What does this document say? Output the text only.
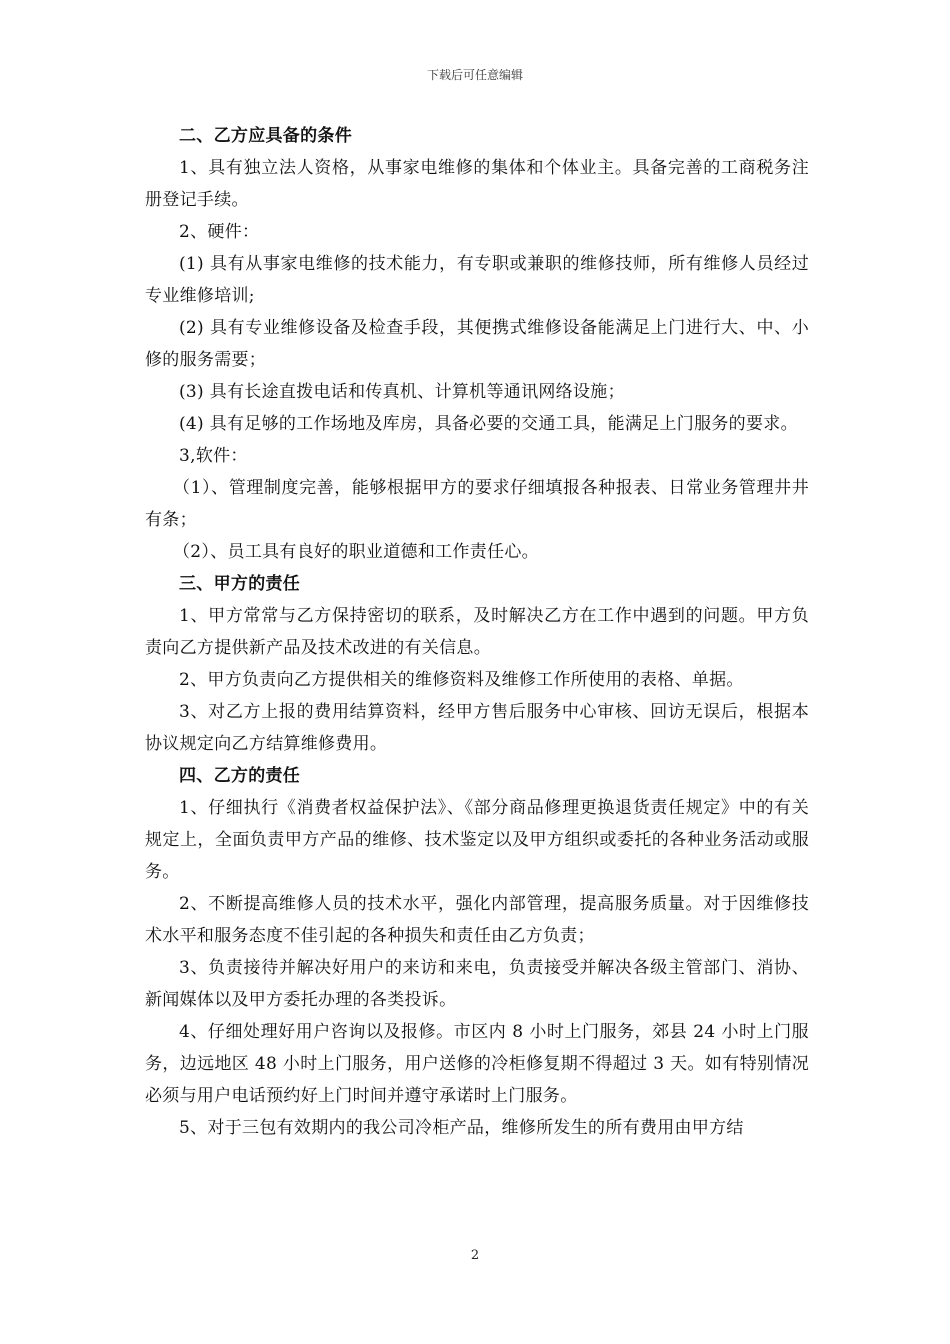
下载后可任意编辑

二、乙方应具备的条件

1、具有独立法人资格，从事家电维修的集体和个体业主。具备完善的工商税务注册登记手续。

2、硬件：

(1) 具有从事家电维修的技术能力，有专职或兼职的维修技师，所有维修人员经过专业维修培训;

(2) 具有专业维修设备及检查手段，其便携式维修设备能满足上门进行大、中、小修的服务需要；

(3) 具有长途直拨电话和传真机、计算机等通讯网络设施；

(4) 具有足够的工作场地及库房，具备必要的交通工具，能满足上门服务的要求。

3,软件：

（1）、管理制度完善，能够根据甲方的要求仔细填报各种报表、日常业务管理井井有条；

（2）、员工具有良好的职业道德和工作责任心。

三、甲方的责任

1、甲方常常与乙方保持密切的联系，及时解决乙方在工作中遇到的问题。甲方负责向乙方提供新产品及技术改进的有关信息。

2、甲方负责向乙方提供相关的维修资料及维修工作所使用的表格、单据。

3、对乙方上报的费用结算资料，经甲方售后服务中心审核、回访无误后，根据本协议规定向乙方结算维修费用。

四、乙方的责任

1、仔细执行《消费者权益保护法》、《部分商品修理更换退货责任规定》中的有关规定上，全面负责甲方产品的维修、技术鉴定以及甲方组织或委托的各种业务活动或服务。

2、不断提高维修人员的技术水平，强化内部管理，提高服务质量。对于因维修技术水平和服务态度不佳引起的各种损失和责任由乙方负责；

3、负责接待并解决好用户的来访和来电，负责接受并解决各级主管部门、消协、新闻媒体以及甲方委托办理的各类投诉。

4、仔细处理好用户咨询以及报修。市区内 8 小时上门服务，郊县 24 小时上门服务，边远地区 48 小时上门服务，用户送修的冷柜修复期不得超过 3 天。如有特别情况必须与用户电话预约好上门时间并遵守承诺时上门服务。

5、对于三包有效期内的我公司冷柜产品，维修所发生的所有费用由甲方结

2
